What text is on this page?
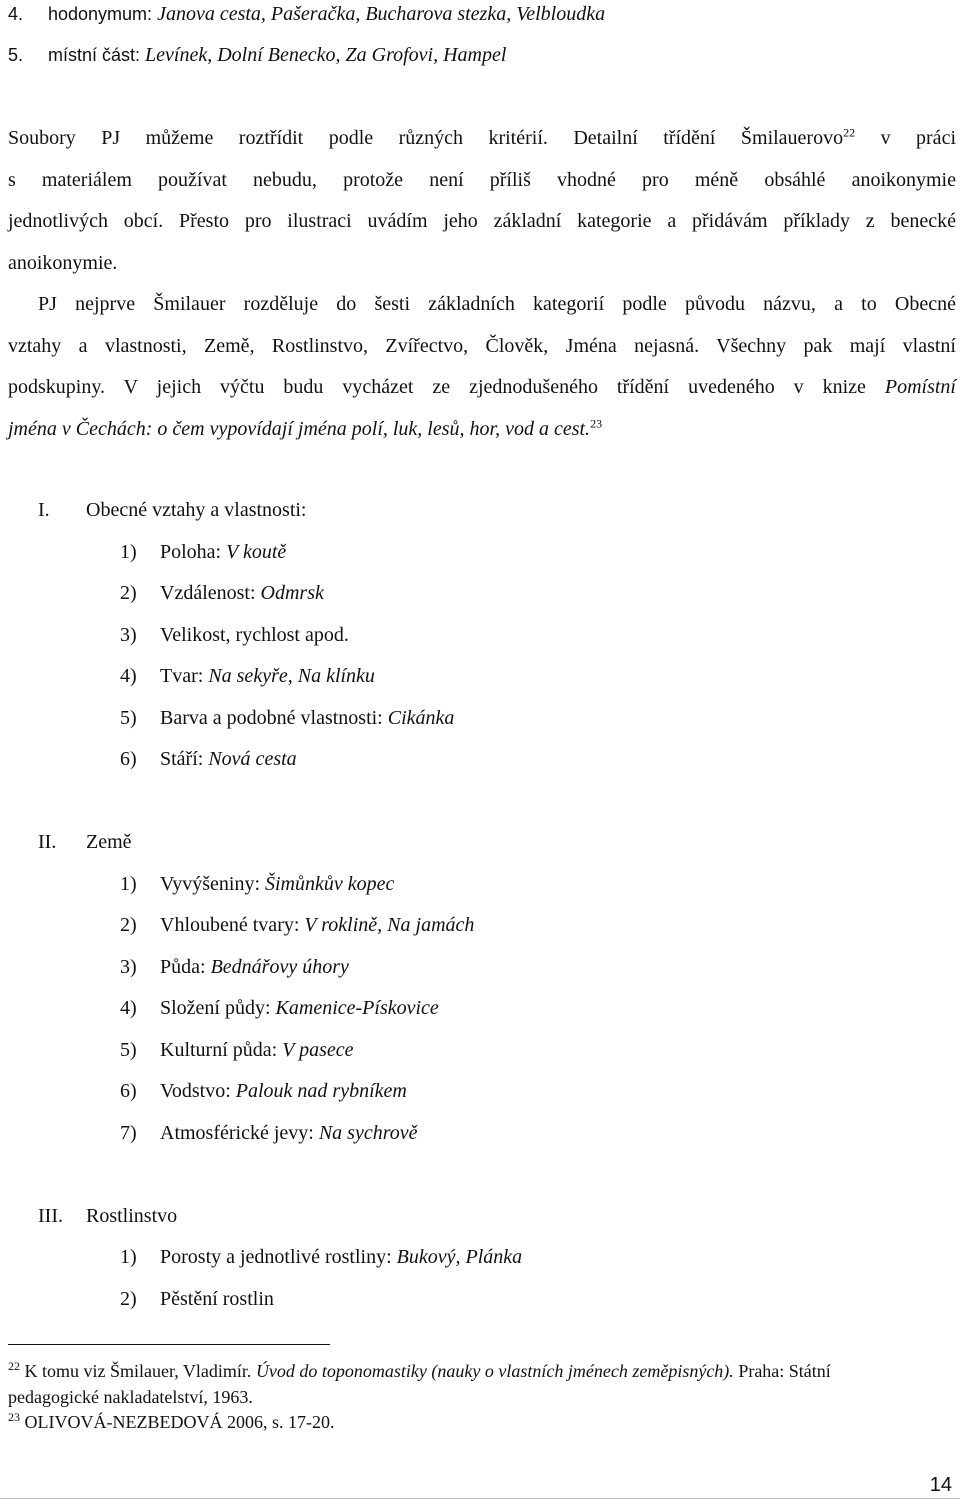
4. hodonymum: Janova cesta, Pašeračka, Bucharova stezka, Velbloudka
5. místní část: Levínek, Dolní Benecko, Za Grofovi, Hampel
Soubory PJ můžeme roztřídit podle různých kritérií. Detailní třídění Šmilauerovo$^{22}$ v práci
s materiálem používat nebudu, protože není příliš vhodné pro méně obsáhlé anoikonymie
jednotlivých obcí. Přesto pro ilustraci uvádím jeho základní kategorie a přidávám příklady z benecké
anoikonymie.
PJ nejprve Šmilauer rozděluje do šesti základních kategorií podle původu názvu, a to Obecné
vztahy a vlastnosti, Země, Rostlinstvo, Zvířectvo, Člověk, Jména nejasná. Všechny pak mají vlastní
podskupiny. V jejich výčtu budu vycházet ze zjednodušeného třídění uvedeného v knize Pomístní
jména v Čechách: o čem vypovídají jména polí, luk, lesů, hor, vod a cest.$^{23}$
I. Obecné vztahy a vlastnosti:
1) Poloha: V koutě
2) Vzdálenost: Odmrsk
3) Velikost, rychlost apod.
4) Tvar: Na sekyře, Na klínku
5) Barva a podobné vlastnosti: Cikánka
6) Stáří: Nová cesta
II. Země
1) Vyvýšeniny: Šimůnkův kopec
2) Vhloubené tvary: V roklině, Na jamách
3) Půda: Bednářovy úhory
4) Složení půdy: Kamenice-Pískovice
5) Kulturní půda: V pasece
6) Vodstvo: Palouk nad rybníkem
7) Atmosférické jevy: Na sychrově
III. Rostlinstvo
1) Porosty a jednotlivé rostliny: Bukový, Plánka
2) Pěstění rostlin
$^{22}$ K tomu viz Šmilauer, Vladimír. Úvod do toponomastiky (nauky o vlastních jménech zeměpisných). Praha: Státní
pedagogické nakladatelství, 1963.
$^{23}$ OLIVOVÁ-NEZBEDOVÁ 2006, s. 17-20.
14
